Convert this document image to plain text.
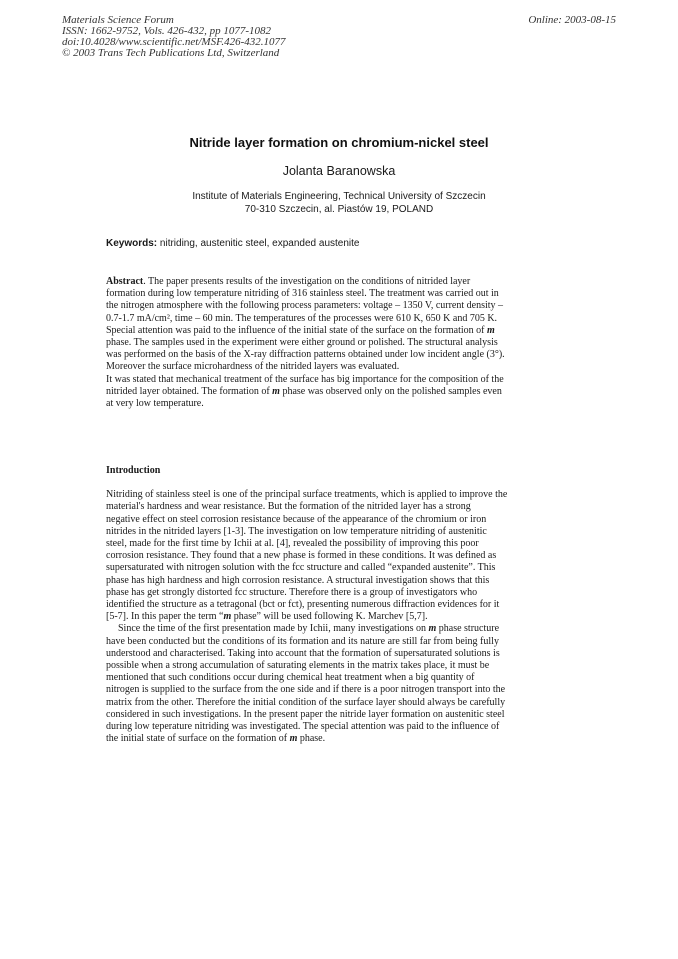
Materials Science Forum
ISSN: 1662-9752, Vols. 426-432, pp 1077-1082
doi:10.4028/www.scientific.net/MSF.426-432.1077
© 2003 Trans Tech Publications Ltd, Switzerland
Online: 2003-08-15
Nitride layer formation on chromium-nickel steel
Jolanta Baranowska
Institute of Materials Engineering, Technical University of Szczecin
70-310 Szczecin, al. Piastów 19, POLAND
Keywords: nitriding, austenitic steel, expanded austenite
Abstract. The paper presents results of the investigation on the conditions of nitrided layer
formation during low temperature nitriding of 316 stainless steel. The treatment was carried out in
the nitrogen atmosphere with the following process parameters: voltage – 1350 V, current density –
0.7-1.7 mA/cm², time – 60 min. The temperatures of the processes were 610 K, 650 K and 705 K.
Special attention was paid to the influence of the initial state of the surface on the formation of m
phase. The samples used in the experiment were either ground or polished. The structural analysis
was performed on the basis of the X-ray diffraction patterns obtained under low incident angle (3°).
Moreover the surface microhardness of the nitrided layers was evaluated.
It was stated that mechanical treatment of the surface has big importance for the composition of the
nitrided layer obtained. The formation of m phase was observed only on the polished samples even
at very low temperature.
Introduction
Nitriding of stainless steel is one of the principal surface treatments, which is applied to improve the
material's hardness and wear resistance. But the formation of the nitrided layer has a strong
negative effect on steel corrosion resistance because of the appearance of the chromium or iron
nitrides in the nitrided layers [1-3]. The investigation on low temperature nitriding of austenitic
steel, made for the first time by Ichii at al. [4], revealed the possibility of improving this poor
corrosion resistance. They found that a new phase is formed in these conditions. It was defined as
supersaturated with nitrogen solution with the fcc structure and called “expanded austenite”. This
phase has high hardness and high corrosion resistance. A structural investigation shows that this
phase has get strongly distorted fcc structure. Therefore there is a group of investigators who
identified the structure as a tetragonal (bct or fct), presenting numerous diffraction evidences for it
[5-7]. In this paper the term “m phase” will be used following K. Marchev [5,7].
Since the time of the first presentation made by Ichii, many investigations on m phase structure
have been conducted but the conditions of its formation and its nature are still far from being fully
understood and characterised. Taking into account that the formation of supersaturated solutions is
possible when a strong accumulation of saturating elements in the matrix takes place, it must be
mentioned that such conditions occur during chemical heat treatment when a big quantity of
nitrogen is supplied to the surface from the one side and if there is a poor nitrogen transport into the
matrix from the other. Therefore the initial condition of the surface layer should always be carefully
considered in such investigations. In the present paper the nitride layer formation on austenitic steel
during low teperature nitriding was investigated. The special attention was paid to the influence of
the initial state of surface on the formation of m phase.
